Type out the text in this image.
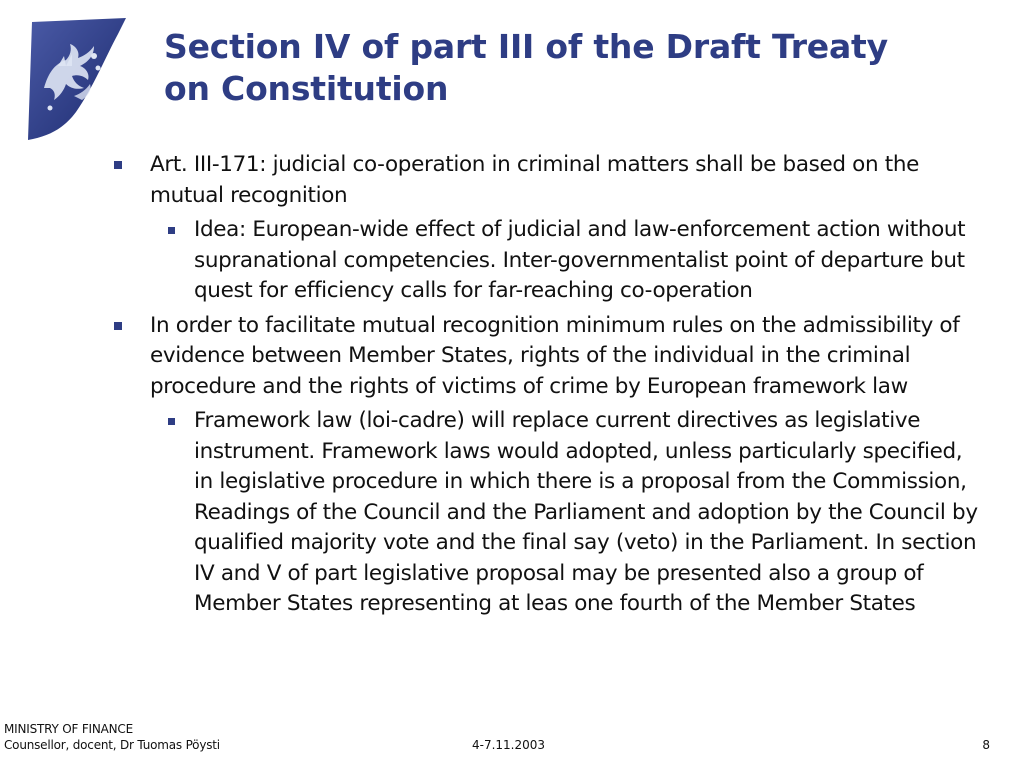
Section IV of part III of the Draft Treaty
on Constitution

Art. III-171: judicial co-operation in criminal matters shall be based on the mutual recognition

Idea: European-wide effect of judicial and law-enforcement action without supranational competencies. Inter-governmentalist point of departure but quest for efficiency calls for far-reaching co-operation

In order to facilitate mutual recognition minimum rules on the admissibility of evidence between Member States, rights of the individual in the criminal procedure and the rights of victims of crime by European framework law

Framework law (loi-cadre) will replace current directives as legislative instrument. Framework laws would adopted, unless particularly specified, in legislative procedure in which there is a proposal from the Commission, Readings of the Council and the Parliament and adoption by the Council by qualified majority vote and the final say (veto) in the Parliament. In section IV and V of part legislative proposal may be presented also a group of Member States representing at leas one fourth of the Member States

MINISTRY OF FINANCE
Counsellor, docent, Dr Tuomas Pöysti	4-7.11.2003	8
